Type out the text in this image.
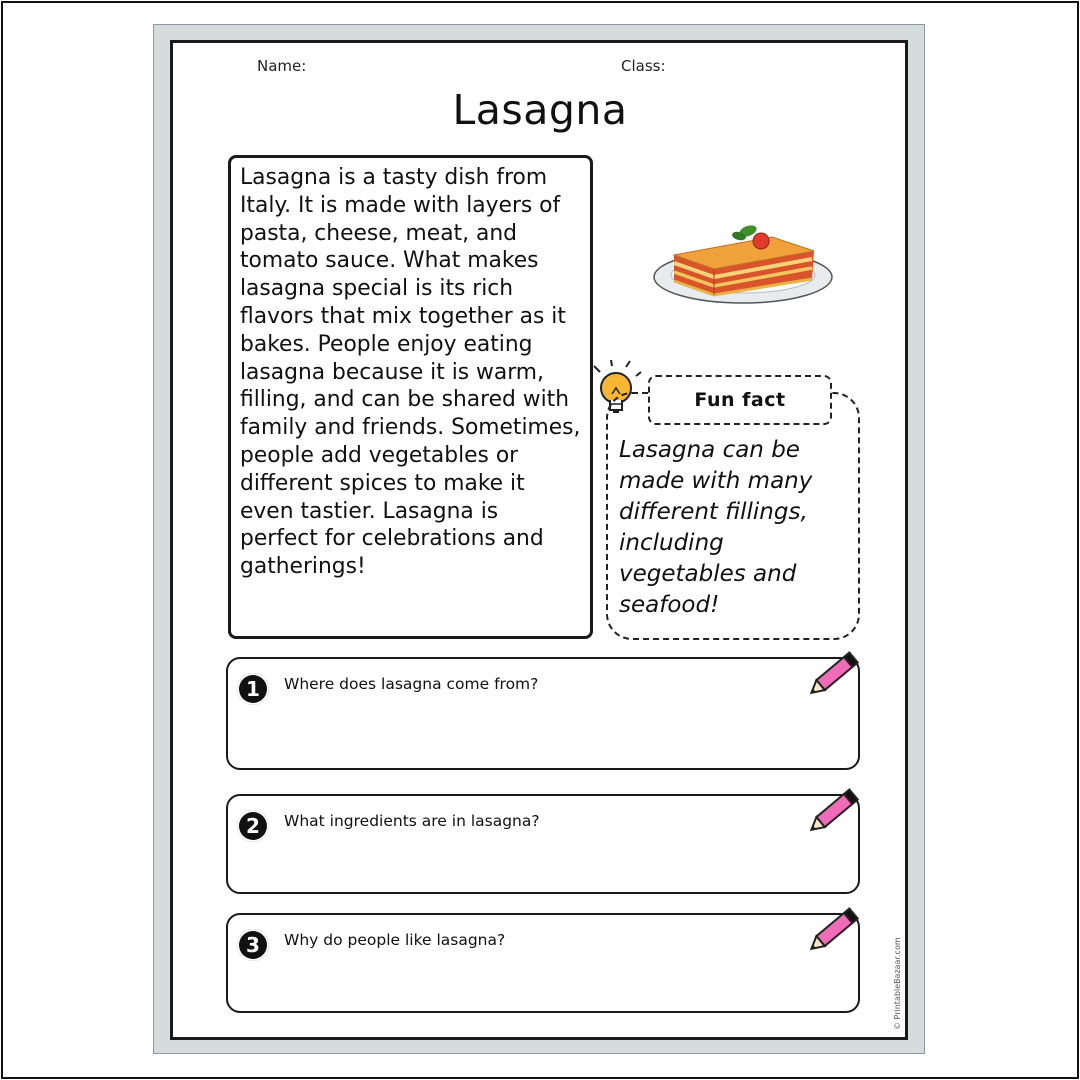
Name:	Class:
Lasagna

Lasagna is a tasty dish from Italy. It is made with layers of pasta, cheese, meat, and tomato sauce. What makes lasagna special is its rich flavors that mix together as it bakes. People enjoy eating lasagna because it is warm, filling, and can be shared with family and friends. Sometimes, people add vegetables or different spices to make it even tastier. Lasagna is perfect for celebrations and gatherings!

Fun fact

Lasagna can be made with many different fillings, including vegetables and seafood!

1	Where does lasagna come from?
2	What ingredients are in lasagna?
3	Why do people like lasagna?	© PrintableBazaar.com
